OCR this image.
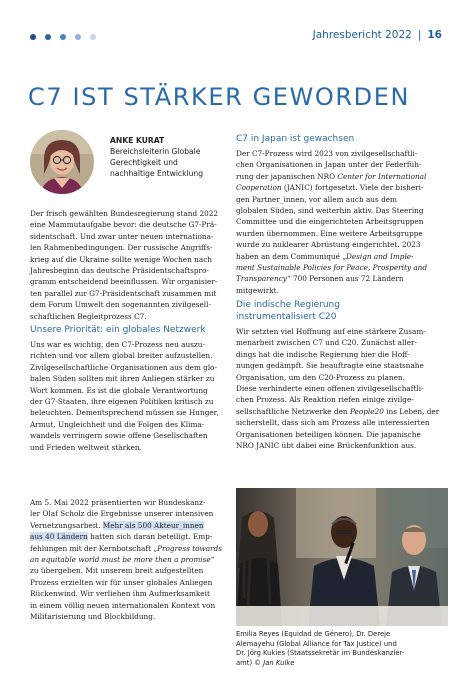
Jahresbericht 2022 | 16
C7 IST STÄRKER GEWORDEN
ANKE KURAT
Bereichsleiterin Globale
Gerechtigkeit und
nachhaltige Entwicklung
Der frisch gewählten Bundesregierung stand 2022
eine Mammutaufgabe bevor: die deutsche G7-Prä-
sidentschaft. Und zwar unter neuen internationa-
len Rahmenbedingungen. Der russische Angriffs-
krieg auf die Ukraine sollte wenige Wochen nach
Jahresbeginn das deutsche Präsidentschaftspro-
gramm entscheidend beeinflussen. Wir organisier-
ten parallel zur G7-Präsidentschaft zusammen mit
dem Forum Umwelt den sogenannten zivilgesell-
schaftlichen Begleitprozess C7.
Unsere Priorität: ein globales Netzwerk
Uns war es wichtig, den C7-Prozess neu auszu-
richten und vor allem global breiter aufzustellen.
Zivilgesellschaftliche Organisationen aus dem glo-
balen Süden sollten mit ihren Anliegen stärker zu
Wort kommen. Es ist die globale Verantwortung
der G7-Staaten, ihre eigenen Politiken kritisch zu
beleuchten. Dementsprechend müssen sie Hunger,
Armut, Ungleichheit und die Folgen des Klima-
wandels verringern sowie offene Gesellschaften
und Frieden weltweit stärken.
Am 5. Mai 2022 präsentierten wir Bundeskanz-
ler Olaf Scholz die Ergebnisse unserer intensiven
Vernetzungsarbeit. Mehr als 500 Akteur_innen
aus 40 Ländern hatten sich daran beteiligt. Emp-
fehlungen mit der Kernbotschaft „Progress towards
an equitable world must be more then a promise“
zu übergeben. Mit unserem breit aufgestellten
Prozess erzielten wir für unser globales Anliegen
Rückenwind. Wir verliehen ihm Aufmerksamkeit
in einem völlig neuen internationalen Kontext von
Militarisierung und Blockbildung.
C7 in Japan ist gewachsen
Der C7-Prozess wird 2023 von zivilgesellschaftli-
chen Organisationen in Japan unter der Federfüh-
rung der japanischen NRO Center for International
Cooperation (JANIC) fortgesetzt. Viele der bisheri-
gen Partner_innen, vor allem auch aus dem
globalen Süden, sind weiterhin aktiv. Das Steering
Committee und die eingerichteten Arbeitsgruppen
wurden übernommen. Eine weitere Arbeitsgruppe
wurde zu nuklearer Abrüstung eingerichtet. 2023
haben an dem Communiqué „Design and Imple-
ment Sustainable Policies for Peace, Prosperity and
Transparency“ 700 Personen aus 72 Ländern
mitgewirkt.
Die indische Regierung
instrumentalisiert C20
Wir setzten viel Hoffnung auf eine stärkere Zusam-
menarbeit zwischen C7 und C20. Zunächst aller-
dings hat die indische Regierung hier die Hoff-
nungen gedämpft. Sie beauftragte eine staatsnahe
Organisation, um den C20-Prozess zu planen.
Diese verhinderte einen offenen zivilgesellschaftli-
chen Prozess. Als Reaktion riefen einige zivilge-
sellschaftliche Netzwerke den People20 ins Leben, der
sicherstellt, dass sich am Prozess alle interessierten
Organisationen beteiligen können. Die japanische
NRO JANIC übt dabei eine Brückenfunktion aus.
Emilia Reyes (Equidad de Género), Dr. Dereje
Alemayehu (Global Alliance for Tax Justice) und
Dr. Jörg Kukies (Staatssekretär im Bundeskanzler-
amt) © Jan Kulke
